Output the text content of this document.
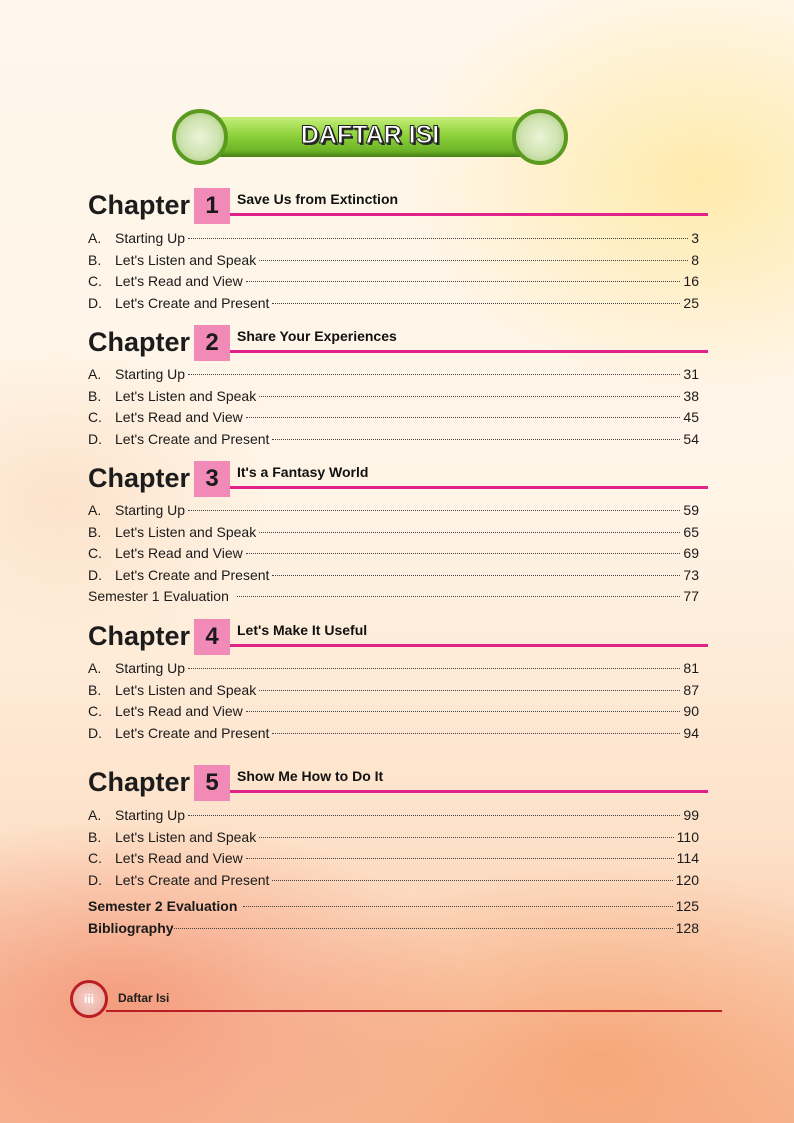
DAFTAR ISI
Chapter 1	Save Us from Extinction
A. Starting Up	3
B. Let's Listen and Speak	8
C. Let's Read and View	16
D. Let's Create and Present	25
Chapter 2	Share Your Experiences
A. Starting Up	31
B. Let's Listen and Speak	38
C. Let's Read and View	45
D. Let's Create and Present	54
Chapter 3	It's a Fantasy World
A. Starting Up	59
B. Let's Listen and Speak	65
C. Let's Read and View	69
D. Let's Create and Present	73
Semester 1 Evaluation	77
Chapter 4	Let's Make It Useful
A. Starting Up	81
B. Let's Listen and Speak	87
C. Let's Read and View	90
D. Let's Create and Present	94
Chapter 5	Show Me How to Do It
A. Starting Up	99
B. Let's Listen and Speak	110
C. Let's Read and View	114
D. Let's Create and Present	120
Semester 2 Evaluation	125
Bibliography	128
iii	Daftar Isi
